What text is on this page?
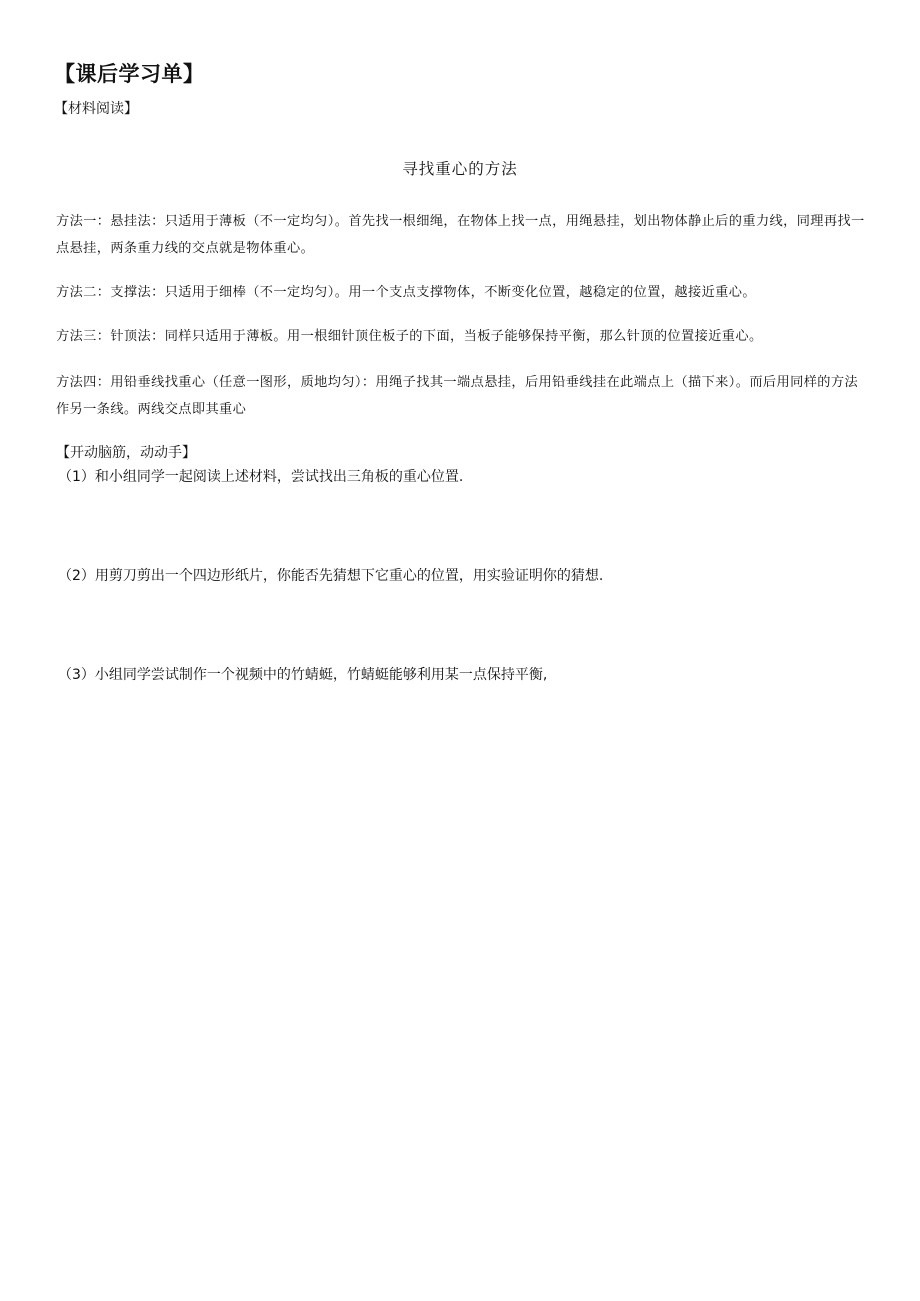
【课后学习单】
【材料阅读】
寻找重心的方法

方法一：悬挂法：只适用于薄板（不一定均匀）。首先找一根细绳，在物体上找一点，用绳悬挂，划出物体静止后的重力线，同理再找一点悬挂，两条重力线的交点就是物体重心。

方法二：支撑法：只适用于细棒（不一定均匀）。用一个支点支撑物体，不断变化位置，越稳定的位置，越接近重心。

方法三：针顶法：同样只适用于薄板。用一根细针顶住板子的下面，当板子能够保持平衡，那么针顶的位置接近重心。

方法四：用铅垂线找重心（任意一图形，质地均匀）：用绳子找其一端点悬挂，后用铅垂线挂在此端点上（描下来）。而后用同样的方法作另一条线。两线交点即其重心

【开动脑筋，动动手】
（1）和小组同学一起阅读上述材料，尝试找出三角板的重心位置.
（2）用剪刀剪出一个四边形纸片，你能否先猜想下它重心的位置，用实验证明你的猜想.
（3）小组同学尝试制作一个视频中的竹蜻蜓，竹蜻蜓能够利用某一点保持平衡,
